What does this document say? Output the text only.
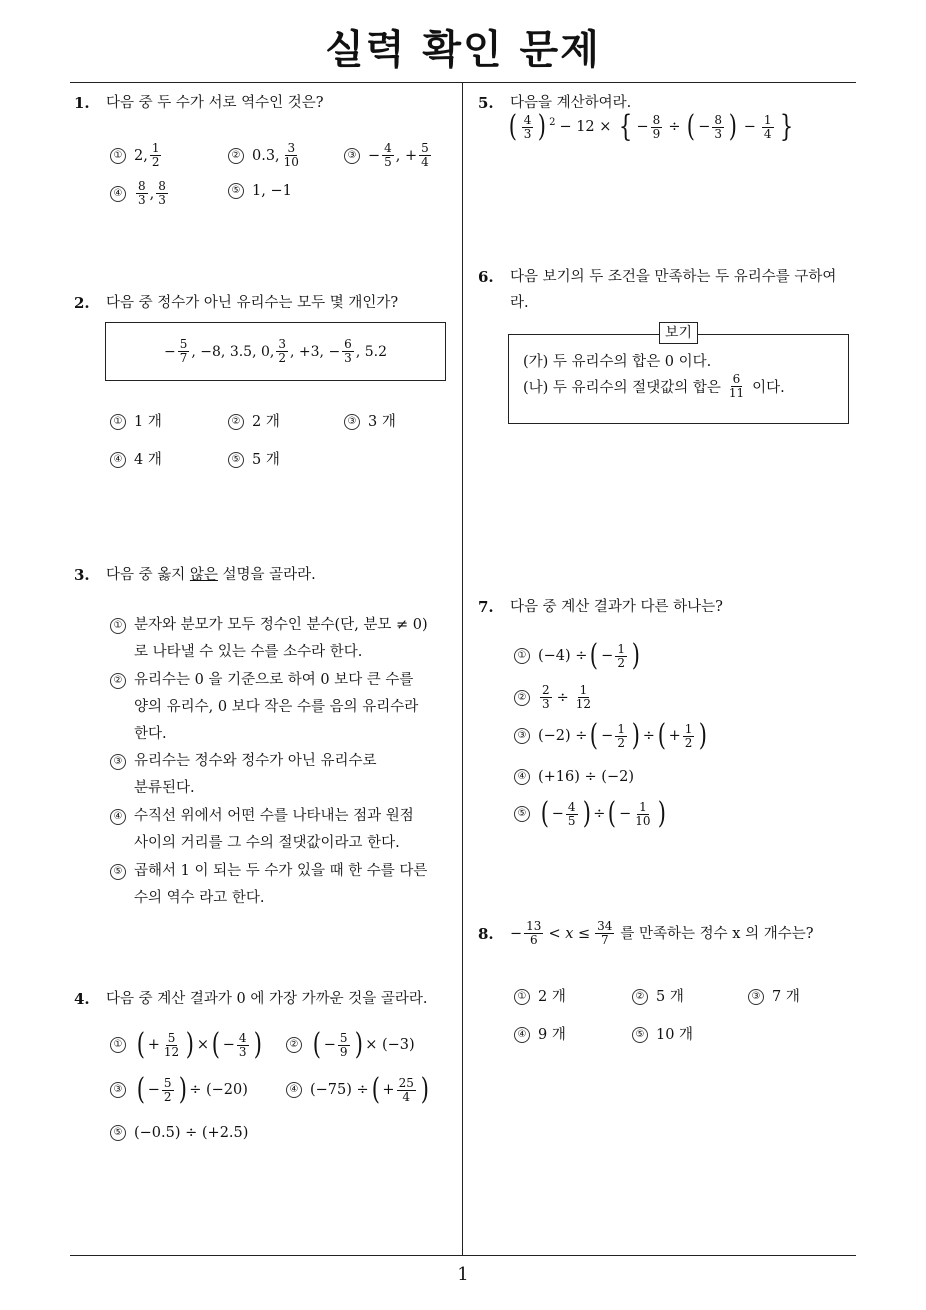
실력 확인 문제
1
1.	다음 중 두 수가 서로 역수인 것은?
① 2, $\frac{1}{2}$	② 0.3, $\frac{3}{10}$	③ − $\frac{4}{5}$ , + $\frac{5}{4}$
④ $\frac{8}{3}$ , $\frac{8}{3}$	⑤ 1, −1
2.	다음 중 정수가 아닌 유리수는 모두 몇 개인가?
− $\frac{5}{7}$ , −8, 3.5, 0, $\frac{3}{2}$ , +3, − $\frac{6}{3}$ , 5.2
① 1 개	② 2 개	③ 3 개
④ 4 개	⑤ 5 개
3.	다음 중 옳지 않은 설명을 골라라.
① 분자와 분모가 모두 정수인 분수(단, 분모 ≠ 0)
로 나타낼 수 있는 수를 소수라 한다.
② 유리수는 0 을 기준으로 하여 0 보다 큰 수를
양의 유리수, 0 보다 작은 수를 음의 유리수라
한다.
③ 유리수는 정수와 정수가 아닌 유리수로
분류된다.
④ 수직선 위에서 어떤 수를 나타내는 점과 원점
사이의 거리를 그 수의 절댓값이라고 한다.
⑤ 곱해서 1 이 되는 두 수가 있을 때 한 수를 다른
수의 역수 라고 한다.
4.	다음 중 계산 결과가 0 에 가장 가까운 것을 골라라.
① ( + $\frac{5}{12}$ ) × ( − $\frac{4}{3}$ )	② ( − $\frac{5}{9}$ ) × (−3)
③ ( − $\frac{5}{2}$ ) ÷ (−20)	④ (−75) ÷ ( + $\frac{25}{4}$ )
⑤ (−0.5) ÷ (+2.5)
5.	다음을 계산하여라.
( $\frac{4}{3}$ ) $^2$ − 12 × { − $\frac{8}{9}$ ÷ ( − $\frac{8}{3}$ ) − $\frac{1}{4}$ }
6.	다음 보기의 두 조건을 만족하는 두 유리수를 구하여
라.
보기
(가) 두 유리수의 합은 0 이다.
(나) 두 유리수의 절댓값의 합은 $\frac{6}{11}$ 이다.
7.	다음 중 계산 결과가 다른 하나는?
① (−4) ÷ ( − $\frac{1}{2}$ )
② $\frac{2}{3} \div \frac{1}{12}$
③ (−2) ÷ ( − $\frac{1}{2}$ ) ÷ ( + $\frac{1}{2}$ )
④ (+16) ÷ (−2)
⑤ ( − $\frac{4}{5}$ ) ÷ ( − $\frac{1}{10}$ )
8.	− $\frac{13}{6} < x \le \frac{34}{7}$ 를 만족하는 정수 x 의 개수는?
① 2 개	② 5 개	③ 7 개
④ 9 개	⑤ 10 개
